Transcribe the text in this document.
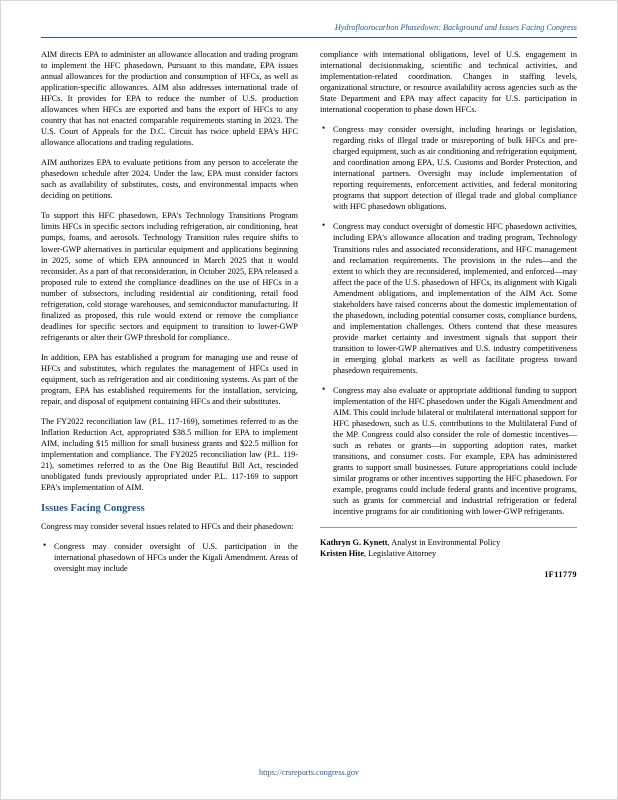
Hydrofluorocarbon Phasedown: Background and Issues Facing Congress

AIM directs EPA to administer an allowance allocation and trading program to implement the HFC phasedown. Pursuant to this mandate, EPA issues annual allowances for the production and consumption of HFCs, as well as application-specific allowances. AIM also addresses international trade of HFCs. It provides for EPA to reduce the number of U.S. production allowances when HFCs are exported and bans the export of HFCs to any country that has not enacted comparable requirements starting in 2023. The U.S. Court of Appeals for the D.C. Circuit has twice upheld EPA's HFC allowance allocations and trading regulations.

AIM authorizes EPA to evaluate petitions from any person to accelerate the phasedown schedule after 2024. Under the law, EPA must consider factors such as availability of substitutes, costs, and environmental impacts when deciding on petitions.

To support this HFC phasedown, EPA's Technology Transitions Program limits HFCs in specific sectors including refrigeration, air conditioning, heat pumps, foams, and aerosols. Technology Transition rules require shifts to lower-GWP alternatives in particular equipment and applications beginning in 2025, some of which EPA announced in March 2025 that it would reconsider. As a part of that reconsideration, in October 2025, EPA released a proposed rule to extend the compliance deadlines on the use of HFCs in a number of subsectors, including residential air conditioning, retail food refrigeration, cold storage warehouses, and semiconductor manufacturing. If finalized as proposed, this rule would extend or remove the compliance deadlines for specific sectors and equipment to transition to lower-GWP refrigerants or alter their GWP threshold for compliance.

In addition, EPA has established a program for managing use and reuse of HFCs and substitutes, which regulates the management of HFCs used in equipment, such as refrigeration and air conditioning systems. As part of the program, EPA has established requirements for the installation, servicing, repair, and disposal of equipment containing HFCs and their substitutes.

The FY2022 reconciliation law (P.L. 117-169), sometimes referred to as the Inflation Reduction Act, appropriated $38.5 million for EPA to implement AIM, including $15 million for small business grants and $22.5 million for implementation and compliance. The FY2025 reconciliation law (P.L. 119-21), sometimes referred to as the One Big Beautiful Bill Act, rescinded unobligated funds previously appropriated under P.L. 117-169 to support EPA's implementation of AIM.

Issues Facing Congress

Congress may consider several issues related to HFCs and their phasedown:

• Congress may consider oversight of U.S. participation in the international phasedown of HFCs under the Kigali Amendment. Areas of oversight may include

compliance with international obligations, level of U.S. engagement in international decisionmaking, scientific and technical activities, and implementation-related coordination. Changes in staffing levels, organizational structure, or resource availability across agencies such as the State Department and EPA may affect capacity for U.S. participation in international cooperation to phase down HFCs.

• Congress may consider oversight, including hearings or legislation, regarding risks of illegal trade or misreporting of bulk HFCs and pre-charged equipment, such as air conditioning and refrigeration equipment, and coordination among EPA, U.S. Customs and Border Protection, and international partners. Oversight may include implementation of reporting requirements, enforcement activities, and federal monitoring programs that support detection of illegal trade and global compliance with HFC phasedown obligations.
• Congress may conduct oversight of domestic HFC phasedown activities, including EPA's allowance allocation and trading program, Technology Transitions rules and associated reconsiderations, and HFC management and reclamation requirements. The provisions in the rules—and the extent to which they are reconsidered, implemented, and enforced—may affect the pace of the U.S. phasedown of HFCs, its alignment with Kigali Amendment obligations, and implementation of the AIM Act. Some stakeholders have raised concerns about the domestic implementation of the phasedown, including potential consumer costs, compliance burdens, and implementation challenges. Others contend that these measures provide market certainty and investment signals that support their transition to lower-GWP alternatives and U.S. industry competitiveness in emerging global markets as well as facilitate progress toward phasedown requirements.
• Congress may also evaluate or appropriate additional funding to support implementation of the HFC phasedown under the Kigali Amendment and AIM. This could include bilateral or multilateral international support for HFC phasedown, such as U.S. contributions to the Multilateral Fund of the MP. Congress could also consider the role of domestic incentives—such as rebates or grants—in supporting adoption rates, market transitions, and consumer costs. For example, EPA has administered grants to support small businesses. Future appropriations could include similar programs or other incentives supporting the HFC phasedown. For example, programs could include federal grants and incentive programs, such as grants for commercial and industrial refrigeration or federal incentive programs for air conditioning with lower-GWP refrigerants.
Kathryn G. Kynett, Analyst in Environmental Policy
Kristen Hite, Legislative Attorney
IF11779
https://crsreports.congress.gov
